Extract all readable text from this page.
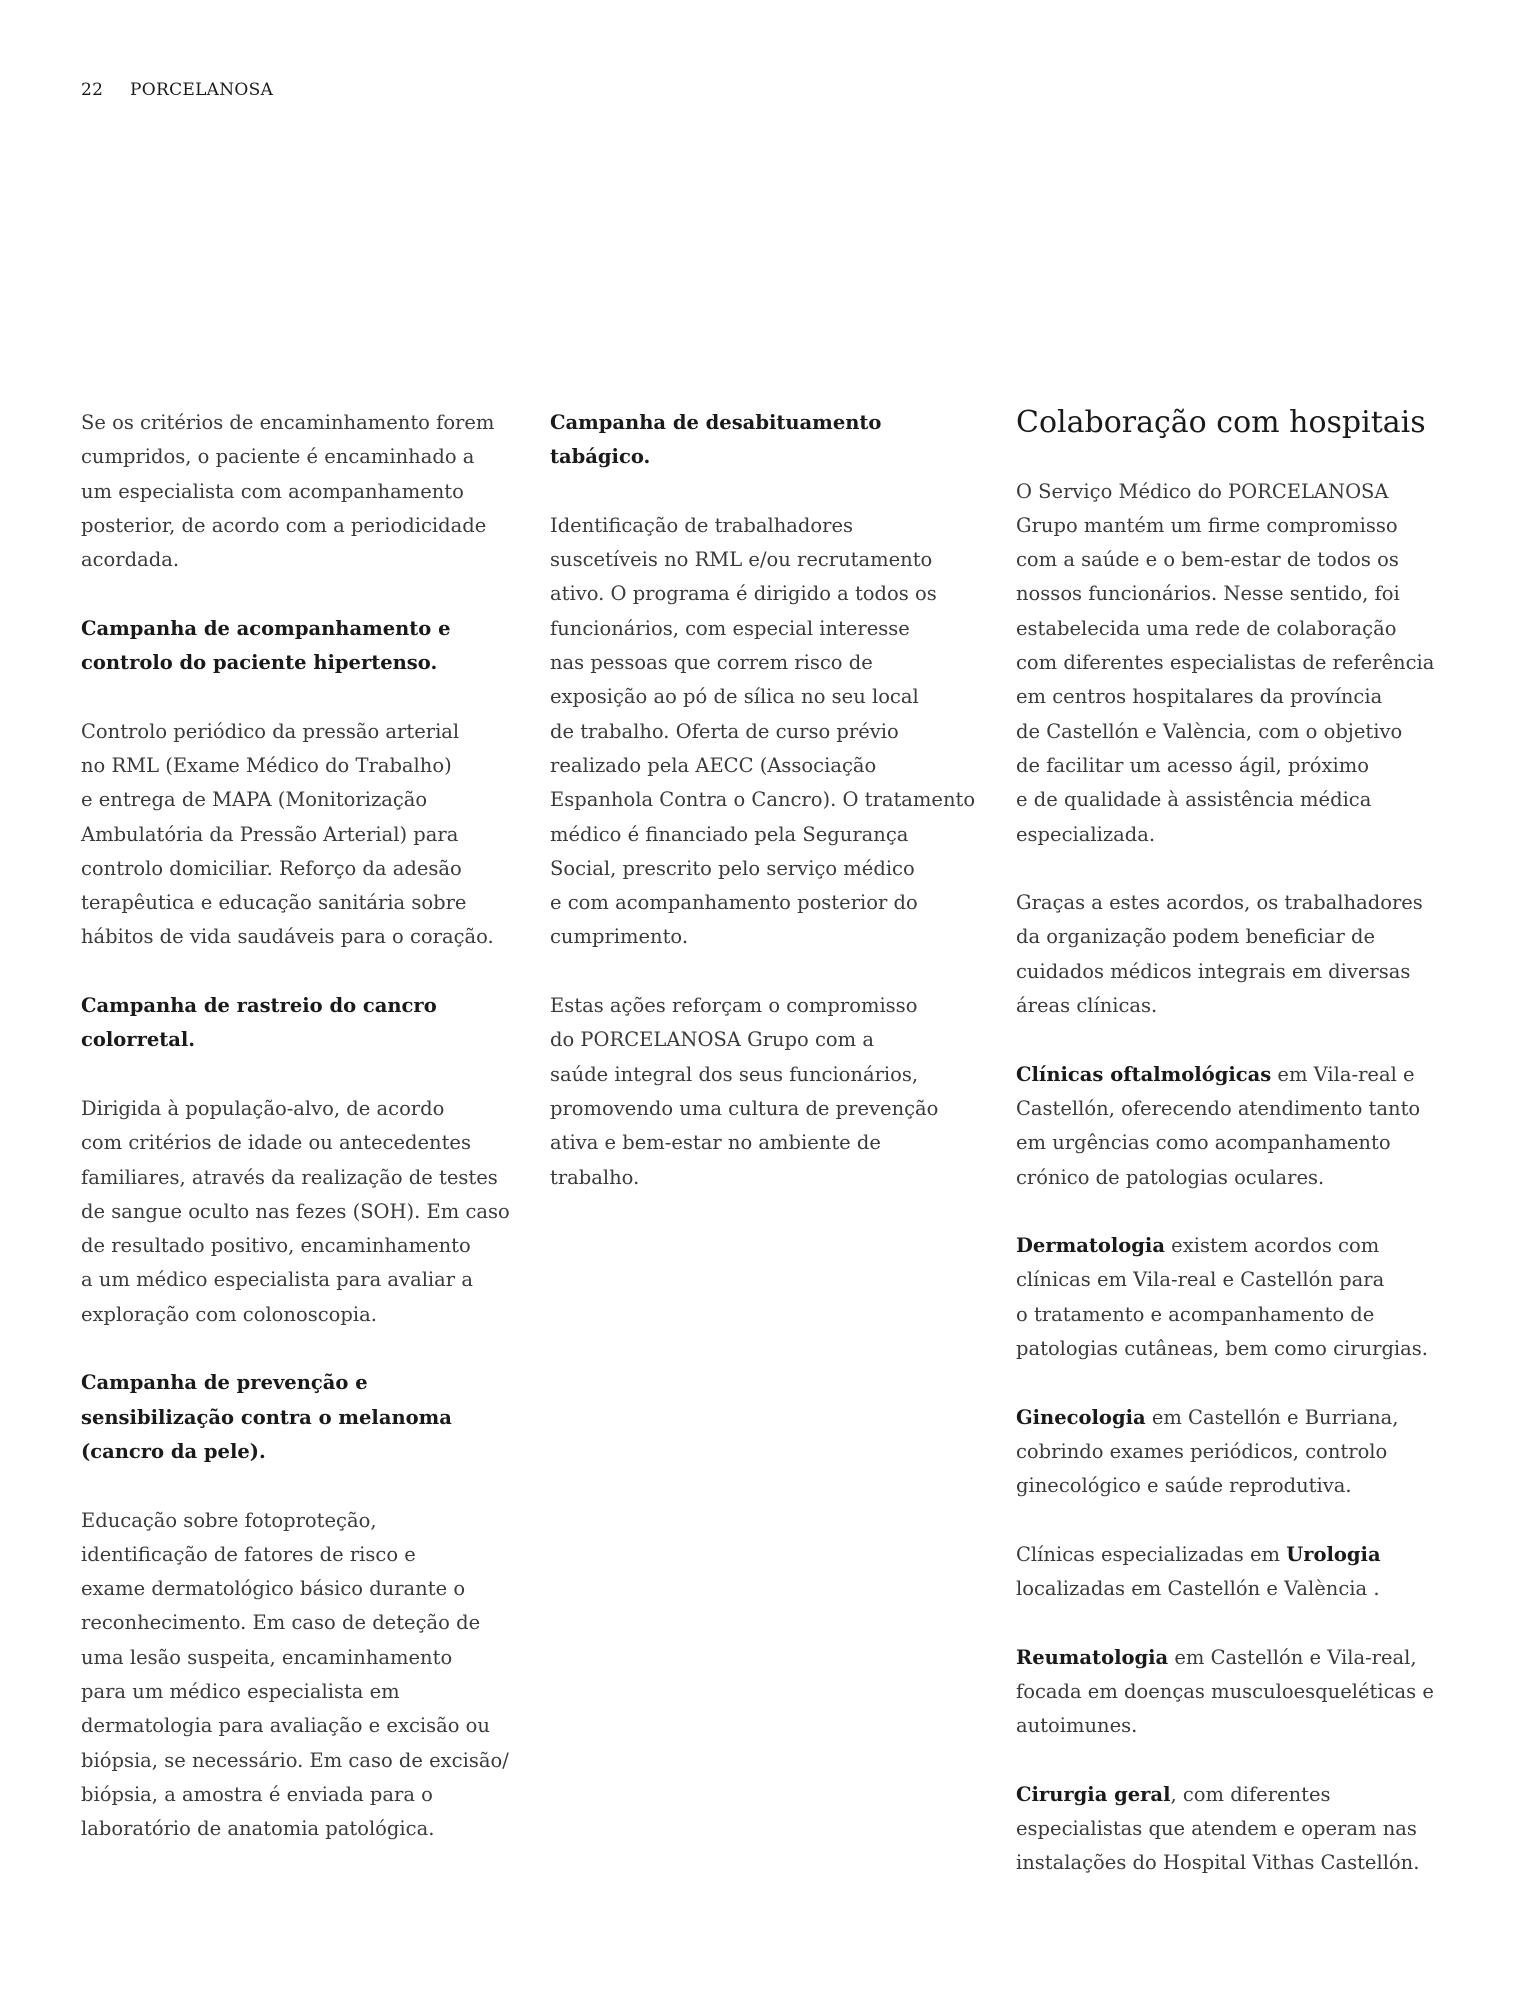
22 PORCELANOSA
Se os critérios de encaminhamento forem
cumpridos, o paciente é encaminhado a
um especialista com acompanhamento
posterior, de acordo com a periodicidade
acordada.
Campanha de acompanhamento e
controlo do paciente hipertenso.
Controlo periódico da pressão arterial
no RML (Exame Médico do Trabalho)
e entrega de MAPA (Monitorização
Ambulatória da Pressão Arterial) para
controlo domiciliar. Reforço da adesão
terapêutica e educação sanitária sobre
hábitos de vida saudáveis para o coração.
Campanha de rastreio do cancro
colorretal.
Dirigida à população-alvo, de acordo
com critérios de idade ou antecedentes
familiares, através da realização de testes
de sangue oculto nas fezes (SOH). Em caso
de resultado positivo, encaminhamento
a um médico especialista para avaliar a
exploração com colonoscopia.
Campanha de prevenção e
sensibilização contra o melanoma
(cancro da pele).
Educação sobre fotoproteção,
identificação de fatores de risco e
exame dermatológico básico durante o
reconhecimento. Em caso de deteção de
uma lesão suspeita, encaminhamento
para um médico especialista em
dermatologia para avaliação e excisão ou
biópsia, se necessário. Em caso de excisão/
biópsia, a amostra é enviada para o
laboratório de anatomia patológica.
Campanha de desabituamento
tabágico.
Identificação de trabalhadores
suscetíveis no RML e/ou recrutamento
ativo. O programa é dirigido a todos os
funcionários, com especial interesse
nas pessoas que correm risco de
exposição ao pó de sílica no seu local
de trabalho. Oferta de curso prévio
realizado pela AECC (Associação
Espanhola Contra o Cancro). O tratamento
médico é financiado pela Segurança
Social, prescrito pelo serviço médico
e com acompanhamento posterior do
cumprimento.
Estas ações reforçam o compromisso
do PORCELANOSA Grupo com a
saúde integral dos seus funcionários,
promovendo uma cultura de prevenção
ativa e bem-estar no ambiente de
trabalho.
Colaboração com hospitais
O Serviço Médico do PORCELANOSA
Grupo mantém um firme compromisso
com a saúde e o bem-estar de todos os
nossos funcionários. Nesse sentido, foi
estabelecida uma rede de colaboração
com diferentes especialistas de referência
em centros hospitalares da província
de Castellón e València, com o objetivo
de facilitar um acesso ágil, próximo
e de qualidade à assistência médica
especializada.
Graças a estes acordos, os trabalhadores
da organização podem beneficiar de
cuidados médicos integrais em diversas
áreas clínicas.
Clínicas oftalmológicas em Vila-real e
Castellón, oferecendo atendimento tanto
em urgências como acompanhamento
crónico de patologias oculares.
Dermatologia existem acordos com
clínicas em Vila-real e Castellón para
o tratamento e acompanhamento de
patologias cutâneas, bem como cirurgias.
Ginecologia em Castellón e Burriana,
cobrindo exames periódicos, controlo
ginecológico e saúde reprodutiva.
Clínicas especializadas em Urologia
localizadas em Castellón e València .
Reumatologia em Castellón e Vila-real,
focada em doenças musculoesqueléticas e
autoimunes.
Cirurgia geral, com diferentes
especialistas que atendem e operam nas
instalações do Hospital Vithas Castellón.
